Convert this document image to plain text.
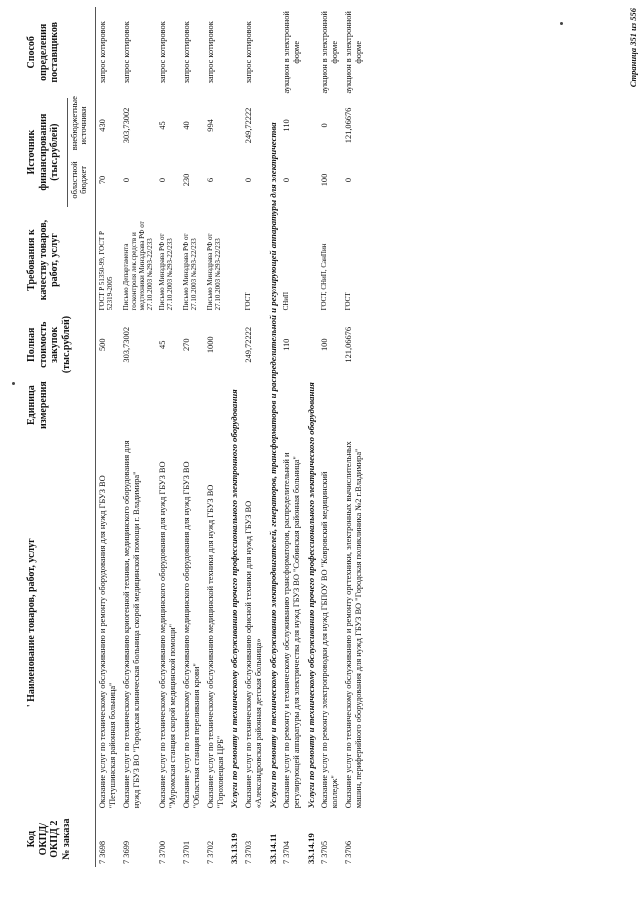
Код ОКПД/ ОКПД 2 № заказа	' Наименование товаров, работ, услуг	Единица измерения	Полная стоимость закупок (тыс.рублей)	Требования к качеству товаров, работ, услуг	Источник финансирования (тыс.рублей)		Способ определения поставщиков
					областной бюджет	внебюджетные источники	
7 3698	Оказание услуг по техническому обслуживанию и ремонту оборудования для нужд ГБУЗ ВО "Петушинская районная больница"		500	ГОСТ Р 51350-99, ГОСТ Р 52319-2005	70	430	запрос котировок
7 3699	Оказание услуг по техническому обслуживанию криогенной техники, медицинского оборудования для нужд ГБУЗ ВО "Городская клиническая больница скорой медицинской помощи г. Владимира"		303,73002	Письмо Департамента госконтроля лек.средств и медтехники Минздрава РФ от 27.10.2003 №293-22/233	0	303,73002	запрос котировок
7 3700	Оказание услуг по техническому обслуживанию медицинского оборудования для нужд ГБУЗ ВО "Муромская станция скорой медицинской помощи"		45	Письмо Минздрава РФ от 27.10.2003 №293-22/233	0	45	запрос котировок
7 3701	Оказание услуг по техническому обслуживанию медицинского оборудования для нужд ГБУЗ ВО "Областная станция переливания крови"		270	Письмо Минздрава РФ от 27.10.2003 №293-22/233	230	40	запрос котировок
7 3702	Оказание услуг по техническому обслуживанию медицинской техники для нужд ГБУЗ ВО "Гороховецкая ЦРБ"		1000	Письмо Минздрава РФ от 27.10.2003 №293-22/233	6	994	запрос котировок
33.13.19	Услуги по ремонту и техническому обслуживанию прочего профессионального электронного оборудования						
7 3703	Оказание услуг по техническому обслуживанию офисной техники для нужд ГБУЗ ВО «Александровская районная детская больница»		249,72222	ГОСТ	0	249,72222	запрос котировок
33.14.11	Услуги по ремонту и техническому обслуживанию электродвигателей, генераторов, трансформаторов и распределительной и регулирующей аппаратуры для электричества						
7 3704	Оказание услуг по ремонту и техническому обслуживанию трансформаторов, распределительной и регулирующей аппаратуры для электричества для нужд ГБУЗ ВО "Собинская районная больница"		110	СНиП	0	110	аукцион в электронной форме
33.14.19	Услуги по ремонту и техническому обслуживанию прочего профессионального электрического оборудования						
7 3705	Оказание услуг по ремонту электропроводки для нужд ГБПОУ ВО "Ковровский медицинский колледж"		100	ГОСТ, СНиП, СанПин	100	0	аукцион в электронной форме
7 3706	Оказание услуг по техническому обслуживанию и ремонту оргтехники, электронных вычислительных машин, периферийного оборудования для нужд ГБУЗ ВО "Городская поликлиника №2 г.Владимира"		121,06676	ГОСТ	0	121,06676	аукцион в электронной форме	Страница 351 из 556
